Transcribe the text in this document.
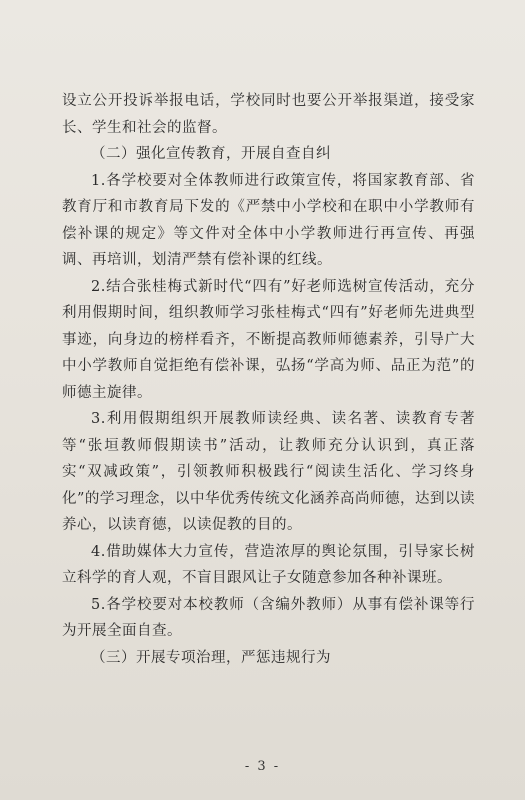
设立公开投诉举报电话，学校同时也要公开举报渠道，接受家长、学生和社会的监督。

（二）强化宣传教育，开展自查自纠

1.各学校要对全体教师进行政策宣传，将国家教育部、省教育厅和市教育局下发的《严禁中小学校和在职中小学教师有偿补课的规定》等文件对全体中小学教师进行再宣传、再强调、再培训，划清严禁有偿补课的红线。

2.结合张桂梅式新时代“四有”好老师选树宣传活动，充分利用假期时间，组织教师学习张桂梅式“四有”好老师先进典型事迹，向身边的榜样看齐，不断提高教师师德素养，引导广大中小学教师自觉拒绝有偿补课，弘扬“学高为师、品正为范”的师德主旋律。

3.利用假期组织开展教师读经典、读名著、读教育专著等“张垣教师假期读书”活动，让教师充分认识到，真正落实“双减政策”，引领教师积极践行“阅读生活化、学习终身化”的学习理念，以中华优秀传统文化涵养高尚师德，达到以读养心，以读育德，以读促教的目的。

4.借助媒体大力宣传，营造浓厚的舆论氛围，引导家长树立科学的育人观，不盲目跟风让子女随意参加各种补课班。

5.各学校要对本校教师（含编外教师）从事有偿补课等行为开展全面自查。

（三）开展专项治理，严惩违规行为

- 3 -
